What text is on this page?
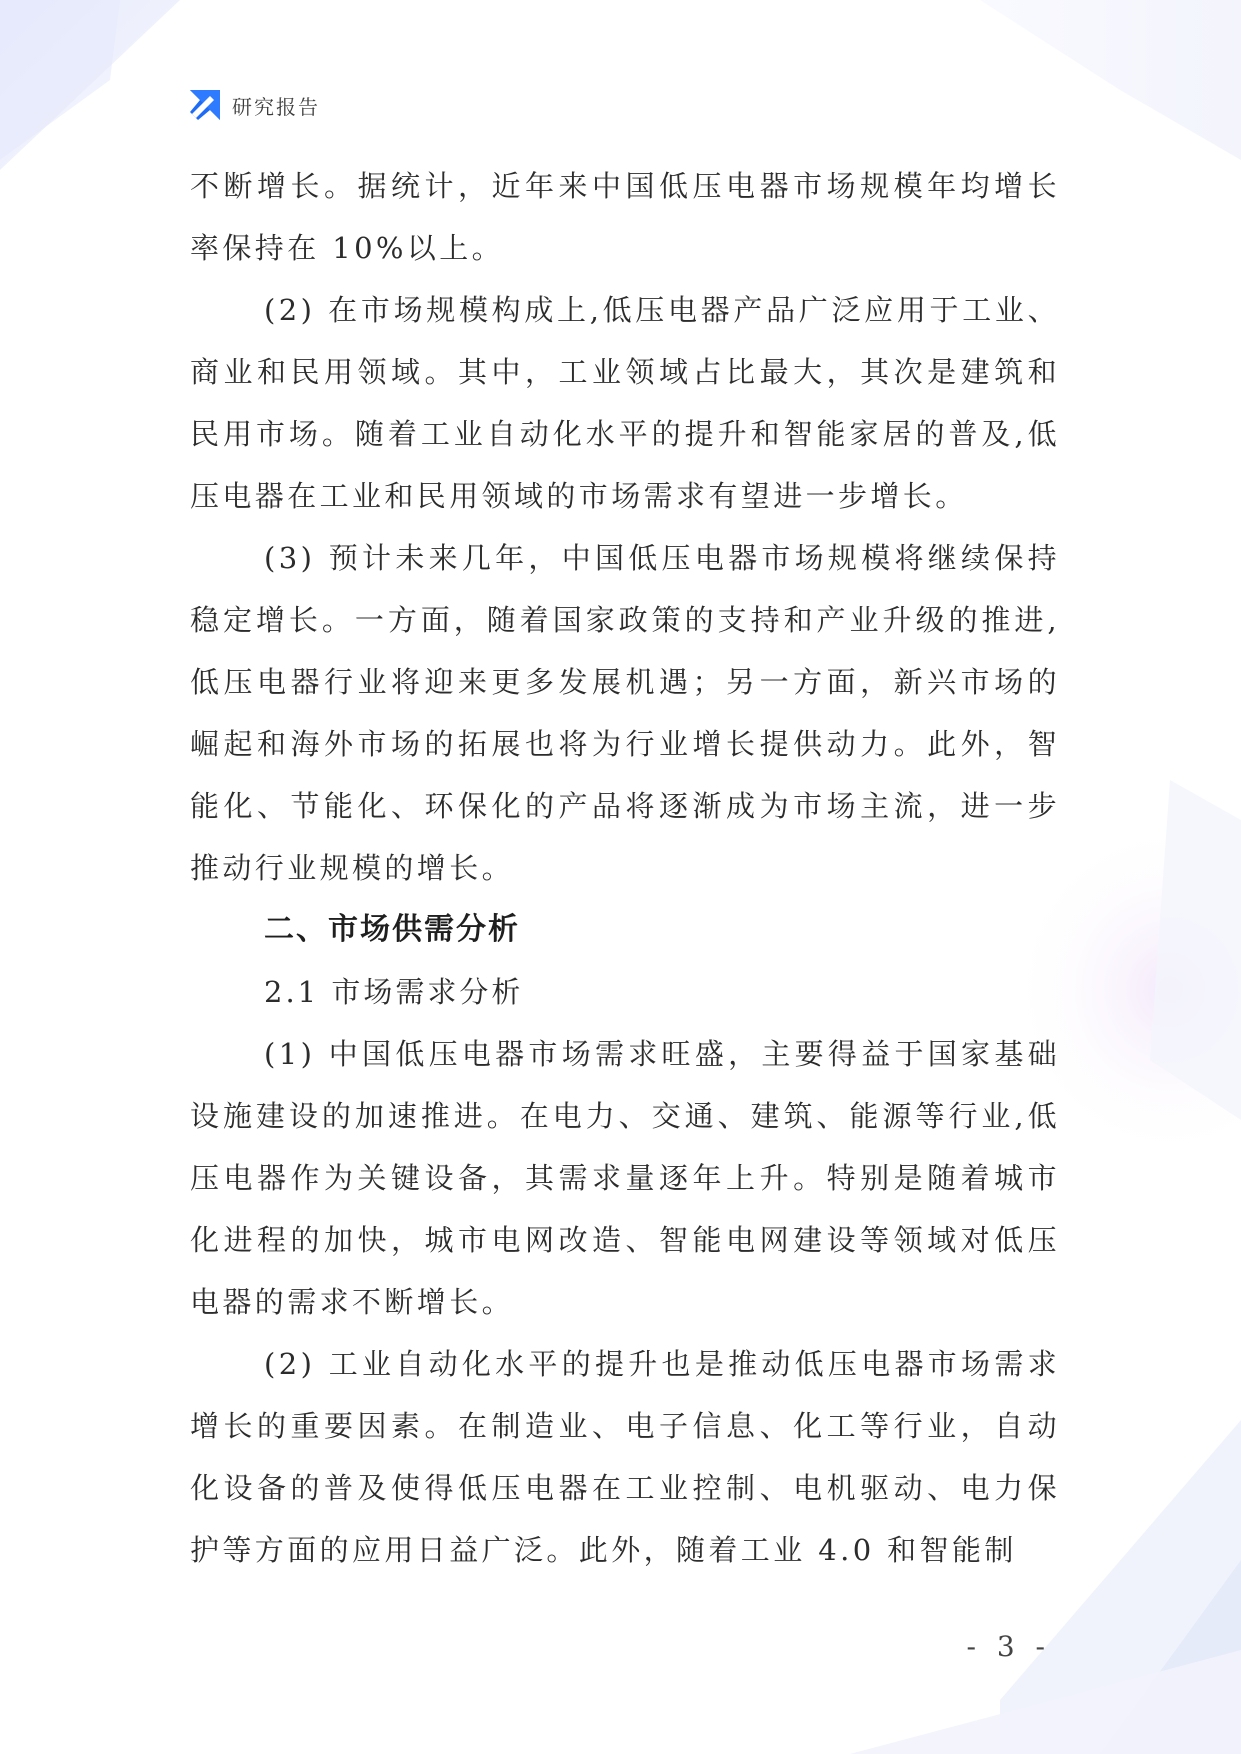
研究报告

不断增长。据统计，近年来中国低压电器市场规模年均增长率保持在 10%以上。

(2) 在市场规模构成上,低压电器产品广泛应用于工业、商业和民用领域。其中，工业领域占比最大，其次是建筑和民用市场。随着工业自动化水平的提升和智能家居的普及,低压电器在工业和民用领域的市场需求有望进一步增长。

(3) 预计未来几年，中国低压电器市场规模将继续保持稳定增长。一方面，随着国家政策的支持和产业升级的推进,低压电器行业将迎来更多发展机遇；另一方面，新兴市场的崛起和海外市场的拓展也将为行业增长提供动力。此外，智能化、节能化、环保化的产品将逐渐成为市场主流，进一步推动行业规模的增长。

二、市场供需分析
2.1 市场需求分析

(1) 中国低压电器市场需求旺盛，主要得益于国家基础设施建设的加速推进。在电力、交通、建筑、能源等行业,低压电器作为关键设备，其需求量逐年上升。特别是随着城市化进程的加快，城市电网改造、智能电网建设等领域对低压电器的需求不断增长。

(2) 工业自动化水平的提升也是推动低压电器市场需求增长的重要因素。在制造业、电子信息、化工等行业，自动化设备的普及使得低压电器在工业控制、电机驱动、电力保护等方面的应用日益广泛。此外，随着工业 4.0 和智能制

- 3 -
